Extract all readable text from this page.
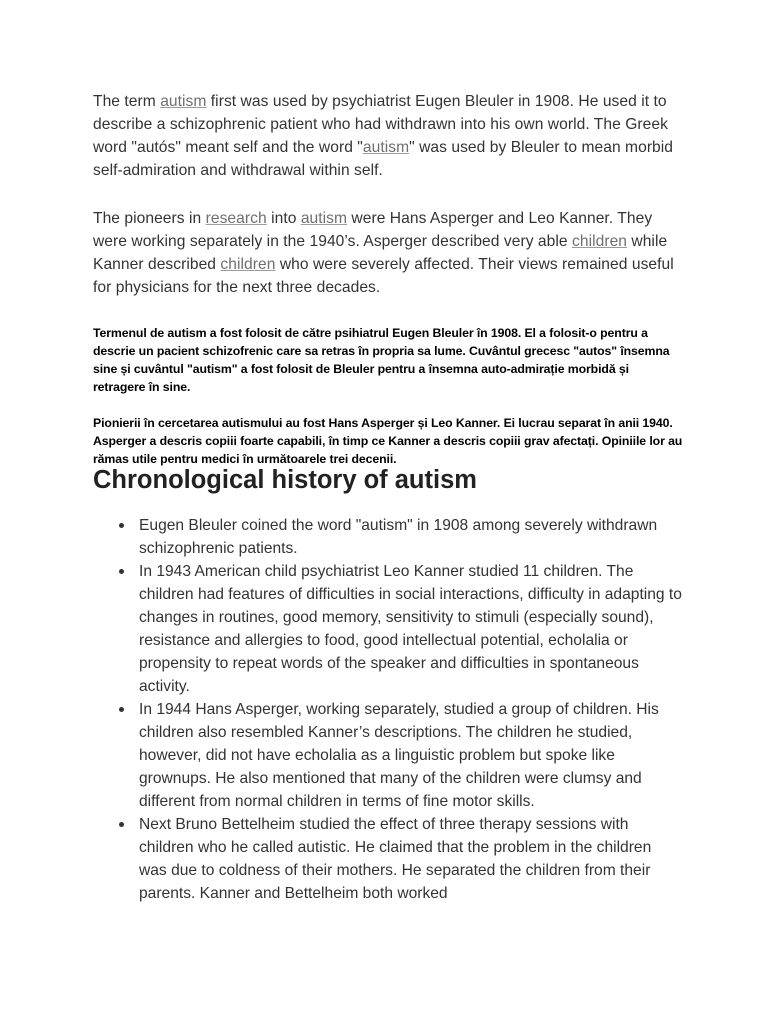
The term autism first was used by psychiatrist Eugen Bleuler in 1908. He used it to describe a schizophrenic patient who had withdrawn into his own world. The Greek word "autós" meant self and the word "autism" was used by Bleuler to mean morbid self-admiration and withdrawal within self.

The pioneers in research into autism were Hans Asperger and Leo Kanner. They were working separately in the 1940’s. Asperger described very able children while Kanner described children who were severely affected. Their views remained useful for physicians for the next three decades.

Termenul de autism a fost folosit de către psihiatrul Eugen Bleuler în 1908. El a folosit-o pentru a descrie un pacient schizofrenic care sa retras în propria sa lume. Cuvântul grecesc "autos" însemna sine și cuvântul "autism" a fost folosit de Bleuler pentru a însemna auto-admirație morbidă și retragere în sine.

Pionierii în cercetarea autismului au fost Hans Asperger și Leo Kanner. Ei lucrau separat în anii 1940. Asperger a descris copiii foarte capabili, în timp ce Kanner a descris copiii grav afectați. Opiniile lor au rămas utile pentru medici în următoarele trei decenii.

Chronological history of autism
Eugen Bleuler coined the word "autism" in 1908 among severely withdrawn schizophrenic patients.
In 1943 American child psychiatrist Leo Kanner studied 11 children. The children had features of difficulties in social interactions, difficulty in adapting to changes in routines, good memory, sensitivity to stimuli (especially sound), resistance and allergies to food, good intellectual potential, echolalia or propensity to repeat words of the speaker and difficulties in spontaneous activity.
In 1944 Hans Asperger, working separately, studied a group of children. His children also resembled Kanner’s descriptions. The children he studied, however, did not have echolalia as a linguistic problem but spoke like grownups. He also mentioned that many of the children were clumsy and different from normal children in terms of fine motor skills.
Next Bruno Bettelheim studied the effect of three therapy sessions with children who he called autistic. He claimed that the problem in the children was due to coldness of their mothers. He separated the children from their parents. Kanner and Bettelheim both worked
